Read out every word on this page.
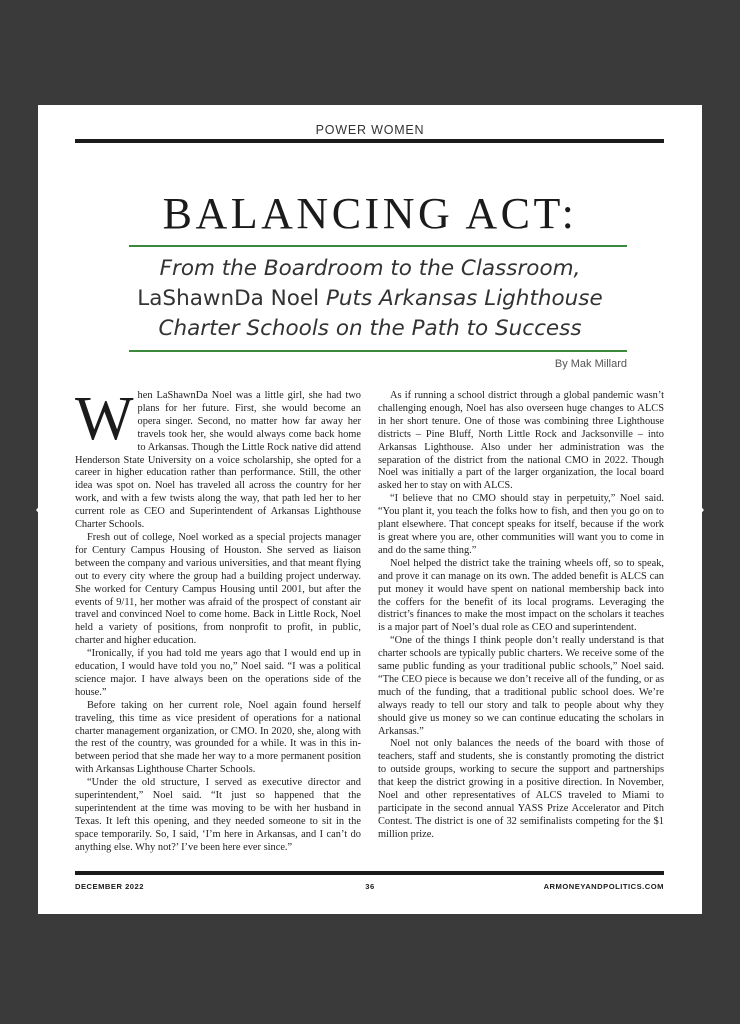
POWER WOMEN
BALANCING ACT:
From the Boardroom to the Classroom,
LaShawnDa Noel Puts Arkansas Lighthouse
Charter Schools on the Path to Success
By Mak Millard

When LaShawnDa Noel was a little girl, she had two plans for her future. First, she would become an opera singer. Second, no matter how far away her travels took her, she would always come back home to Arkansas. Though the Little Rock native did attend Henderson State University on a voice scholarship, she opted for a career in higher education rather than performance. Still, the other idea was spot on. Noel has traveled all across the country for her work, and with a few twists along the way, that path led her to her current role as CEO and Superintendent of Arkansas Lighthouse Charter Schools.

Fresh out of college, Noel worked as a special projects manager for Century Campus Housing of Houston. She served as liaison between the company and various universities, and that meant flying out to every city where the group had a building project underway. She worked for Century Campus Housing until 2001, but after the events of 9/11, her mother was afraid of the prospect of constant air travel and convinced Noel to come home. Back in Little Rock, Noel held a variety of positions, from nonprofit to profit, in public, charter and higher education.

“Ironically, if you had told me years ago that I would end up in education, I would have told you no,” Noel said. “I was a political science major. I have always been on the operations side of the house.”

Before taking on her current role, Noel again found herself traveling, this time as vice president of operations for a national charter management organization, or CMO. In 2020, she, along with the rest of the country, was grounded for a while. It was in this in-between period that she made her way to a more permanent position with Arkansas Lighthouse Charter Schools.

“Under the old structure, I served as executive director and superintendent,” Noel said. “It just so happened that the superintendent at the time was moving to be with her husband in Texas. It left this opening, and they needed someone to sit in the space temporarily. So, I said, ‘I’m here in Arkansas, and I can’t do anything else. Why not?’ I’ve been here ever since.”

As if running a school district through a global pandemic wasn’t challenging enough, Noel has also overseen huge changes to ALCS in her short tenure. One of those was combining three Lighthouse districts – Pine Bluff, North Little Rock and Jacksonville – into Arkansas Lighthouse. Also under her administration was the separation of the district from the national CMO in 2022. Though Noel was initially a part of the larger organization, the local board asked her to stay on with ALCS.

“I believe that no CMO should stay in perpetuity,” Noel said. “You plant it, you teach the folks how to fish, and then you go on to plant elsewhere. That concept speaks for itself, because if the work is great where you are, other communities will want you to come in and do the same thing.”

Noel helped the district take the training wheels off, so to speak, and prove it can manage on its own. The added benefit is ALCS can put money it would have spent on national membership back into the coffers for the benefit of its local programs. Leveraging the district’s finances to make the most impact on the scholars it teaches is a major part of Noel’s dual role as CEO and superintendent.

“One of the things I think people don’t really understand is that charter schools are typically public charters. We receive some of the same public funding as your traditional public schools,” Noel said. “The CEO piece is because we don’t receive all of the funding, or as much of the funding, that a traditional public school does. We’re always ready to tell our story and talk to people about why they should give us money so we can continue educating the scholars in Arkansas.”

Noel not only balances the needs of the board with those of teachers, staff and students, she is constantly promoting the district to outside groups, working to secure the support and partnerships that keep the district growing in a positive direction. In November, Noel and other representatives of ALCS traveled to Miami to participate in the second annual YASS Prize Accelerator and Pitch Contest. The district is one of 32 semifinalists competing for the $1 million prize.

DECEMBER 2022	36	ARMONEYANDPOLITICS.COM
